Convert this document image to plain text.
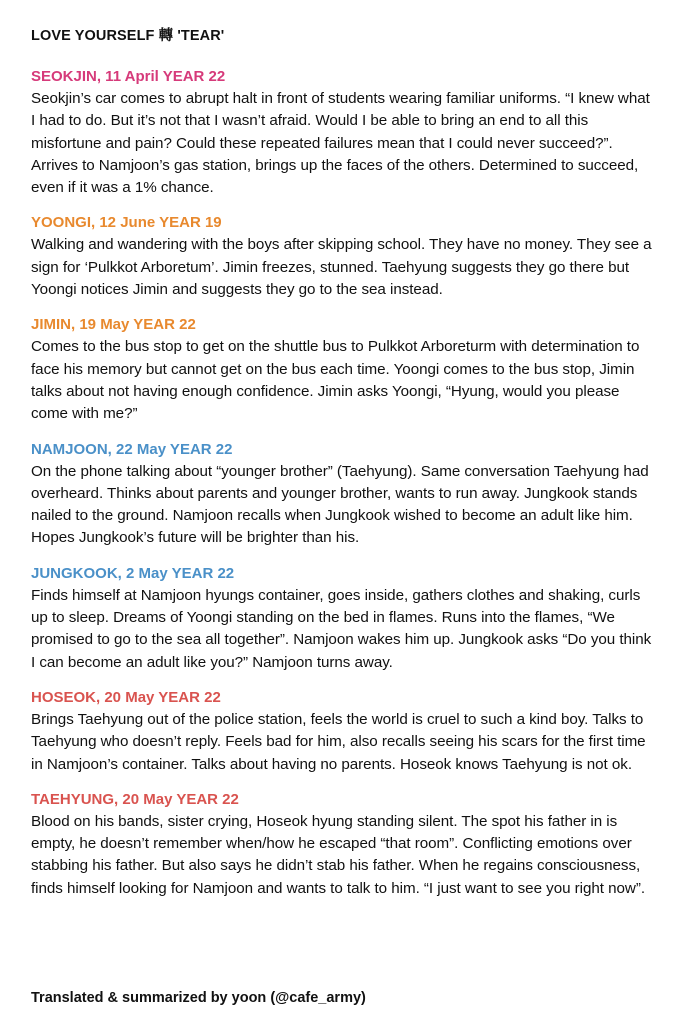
LOVE YOURSELF 轉 'TEAR'
SEOKJIN, 11 April YEAR 22
Seokjin’s car comes to abrupt halt in front of students wearing familiar uniforms. “I knew what I had to do. But it’s not that I wasn’t afraid. Would I be able to bring an end to all this misfortune and pain? Could these repeated failures mean that I could never succeed?”. Arrives to Namjoon’s gas station, brings up the faces of the others. Determined to succeed, even if it was a 1% chance.
YOONGI, 12 June YEAR 19
Walking and wandering with the boys after skipping school. They have no money. They see a sign for ‘Pulkkot Arboretum’. Jimin freezes, stunned. Taehyung suggests they go there but Yoongi notices Jimin and suggests they go to the sea instead.
JIMIN, 19 May YEAR 22
Comes to the bus stop to get on the shuttle bus to Pulkkot Arboreturm with determination to face his memory but cannot get on the bus each time. Yoongi comes to the bus stop, Jimin talks about not having enough confidence. Jimin asks Yoongi, “Hyung, would you please come with me?”
NAMJOON, 22 May YEAR 22
On the phone talking about “younger brother” (Taehyung). Same conversation Taehyung had overheard. Thinks about parents and younger brother, wants to run away. Jungkook stands nailed to the ground. Namjoon recalls when Jungkook wished to become an adult like him. Hopes Jungkook’s future will be brighter than his.
JUNGKOOK, 2 May YEAR 22
Finds himself at Namjoon hyungs container, goes inside, gathers clothes and shaking, curls up to sleep. Dreams of Yoongi standing on the bed in flames. Runs into the flames, “We promised to go to the sea all together”. Namjoon wakes him up. Jungkook asks “Do you think I can become an adult like you?” Namjoon turns away.
HOSEOK, 20 May YEAR 22
Brings Taehyung out of the police station, feels the world is cruel to such a kind boy. Talks to Taehyung who doesn’t reply. Feels bad for him, also recalls seeing his scars for the first time in Namjoon’s container. Talks about having no parents. Hoseok knows Taehyung is not ok.
TAEHYUNG, 20 May YEAR 22
Blood on his bands, sister crying, Hoseok hyung standing silent. The spot his father in is empty, he doesn’t remember when/how he escaped “that room”. Conflicting emotions over stabbing his father. But also says he didn’t stab his father. When he regains consciousness, finds himself looking for Namjoon and wants to talk to him. “I just want to see you right now”.
Translated & summarized by yoon (@cafe_army)
